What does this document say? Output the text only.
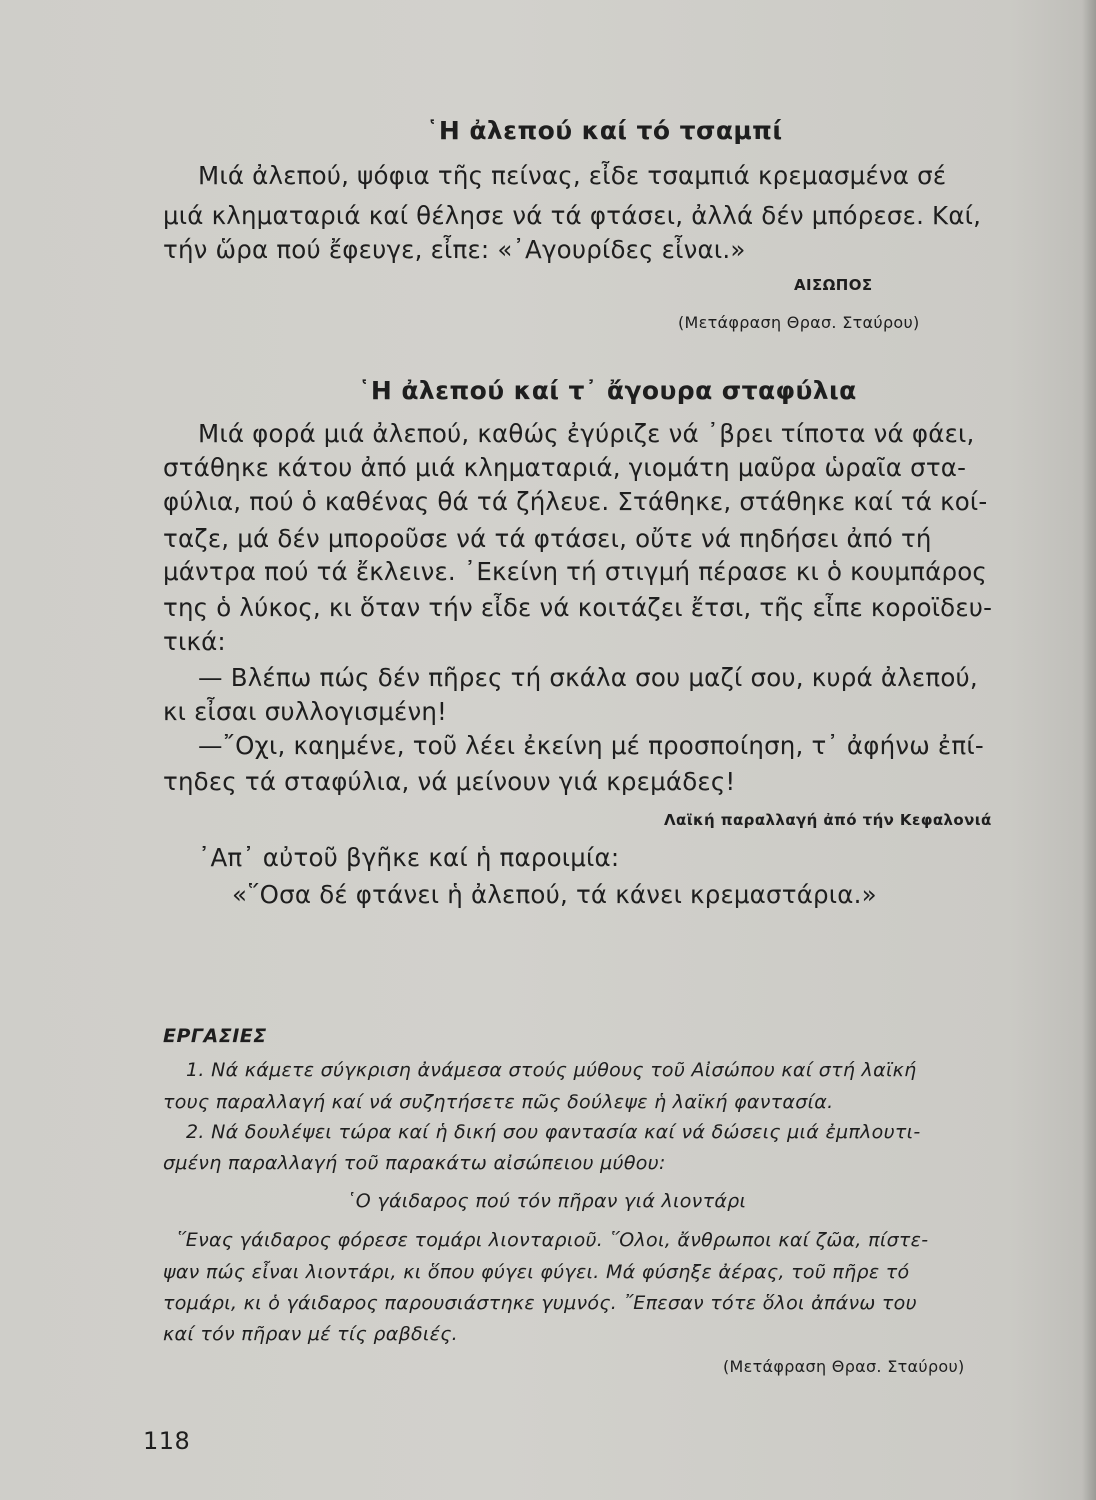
῾Η ἀλεπού καί τό τσαμπί
Μιά ἀλεπού, ψόφια τῆς πείνας, εἶδε τσαμπιά κρεμασμένα σέ
μιά κληματαριά καί θέλησε νά τά φτάσει, ἀλλά δέν μπόρεσε. Καί,
τήν ὥρα πού ἔφευγε, εἶπε: «᾿Αγουρίδες εἶναι.»
ΑΙΣΩΠΟΣ
(Μετάφραση Θρασ. Σταύρου)
῾Η ἀλεπού καί τ᾿ ἄγουρα σταφύλια
Μιά φορά μιά ἀλεπού, καθώς ἐγύριζε νά ᾿βρει τίποτα νά φάει,
στάθηκε κάτου ἀπό μιά κληματαριά, γιομάτη μαῦρα ὡραῖα στα-
φύλια, πού ὁ καθένας θά τά ζήλευε. Στάθηκε, στάθηκε καί τά κοί-
ταζε, μά δέν μποροῦσε νά τά φτάσει, οὔτε νά πηδήσει ἀπό τή
μάντρα πού τά ἔκλεινε. ᾿Εκείνη τή στιγμή πέρασε κι ὁ κουμπάρος
της ὁ λύκος, κι ὅταν τήν εἶδε νά κοιτάζει ἔτσι, τῆς εἶπε κοροϊδευ-
τικά:
— Βλέπω πώς δέν πῆρες τή σκάλα σου μαζί σου, κυρά ἀλεπού,
κι εἶσαι συλλογισμένη!
—῎Οχι, καημένε, τοῦ λέει ἐκείνη μέ προσποίηση, τ᾿ ἀφήνω ἐπί-
τηδες τά σταφύλια, νά μείνουν γιά κρεμάδες!
Λαϊκή παραλλαγή ἀπό τήν Κεφαλονιά
᾿Απ᾿ αὐτοῦ βγῆκε καί ἡ παροιμία:
«῞Οσα δέ φτάνει ἡ ἀλεπού, τά κάνει κρεμαστάρια.»
ΕΡΓΑΣΙΕΣ
1. Νά κάμετε σύγκριση ἀνάμεσα στούς μύθους τοῦ Αἰσώπου καί στή λαϊκή
τους παραλλαγή καί νά συζητήσετε πῶς δούλεψε ἡ λαϊκή φαντασία.
2. Νά δουλέψει τώρα καί ἡ δική σου φαντασία καί νά δώσεις μιά ἐμπλουτι-
σμένη παραλλαγή τοῦ παρακάτω αἰσώπειου μύθου:
῾Ο γάιδαρος πού τόν πῆραν γιά λιοντάρι
῞Ενας γάιδαρος φόρεσε τομάρι λιονταριοῦ. ῞Ολοι, ἄνθρωποι καί ζῶα, πίστε-
ψαν πώς εἶναι λιοντάρι, κι ὅπου φύγει φύγει. Μά φύσηξε ἀέρας, τοῦ πῆρε τό
τομάρι, κι ὁ γάιδαρος παρουσιάστηκε γυμνός. ῎Επεσαν τότε ὅλοι ἀπάνω του
καί τόν πῆραν μέ τίς ραβδιές.
(Μετάφραση Θρασ. Σταύρου)
118
